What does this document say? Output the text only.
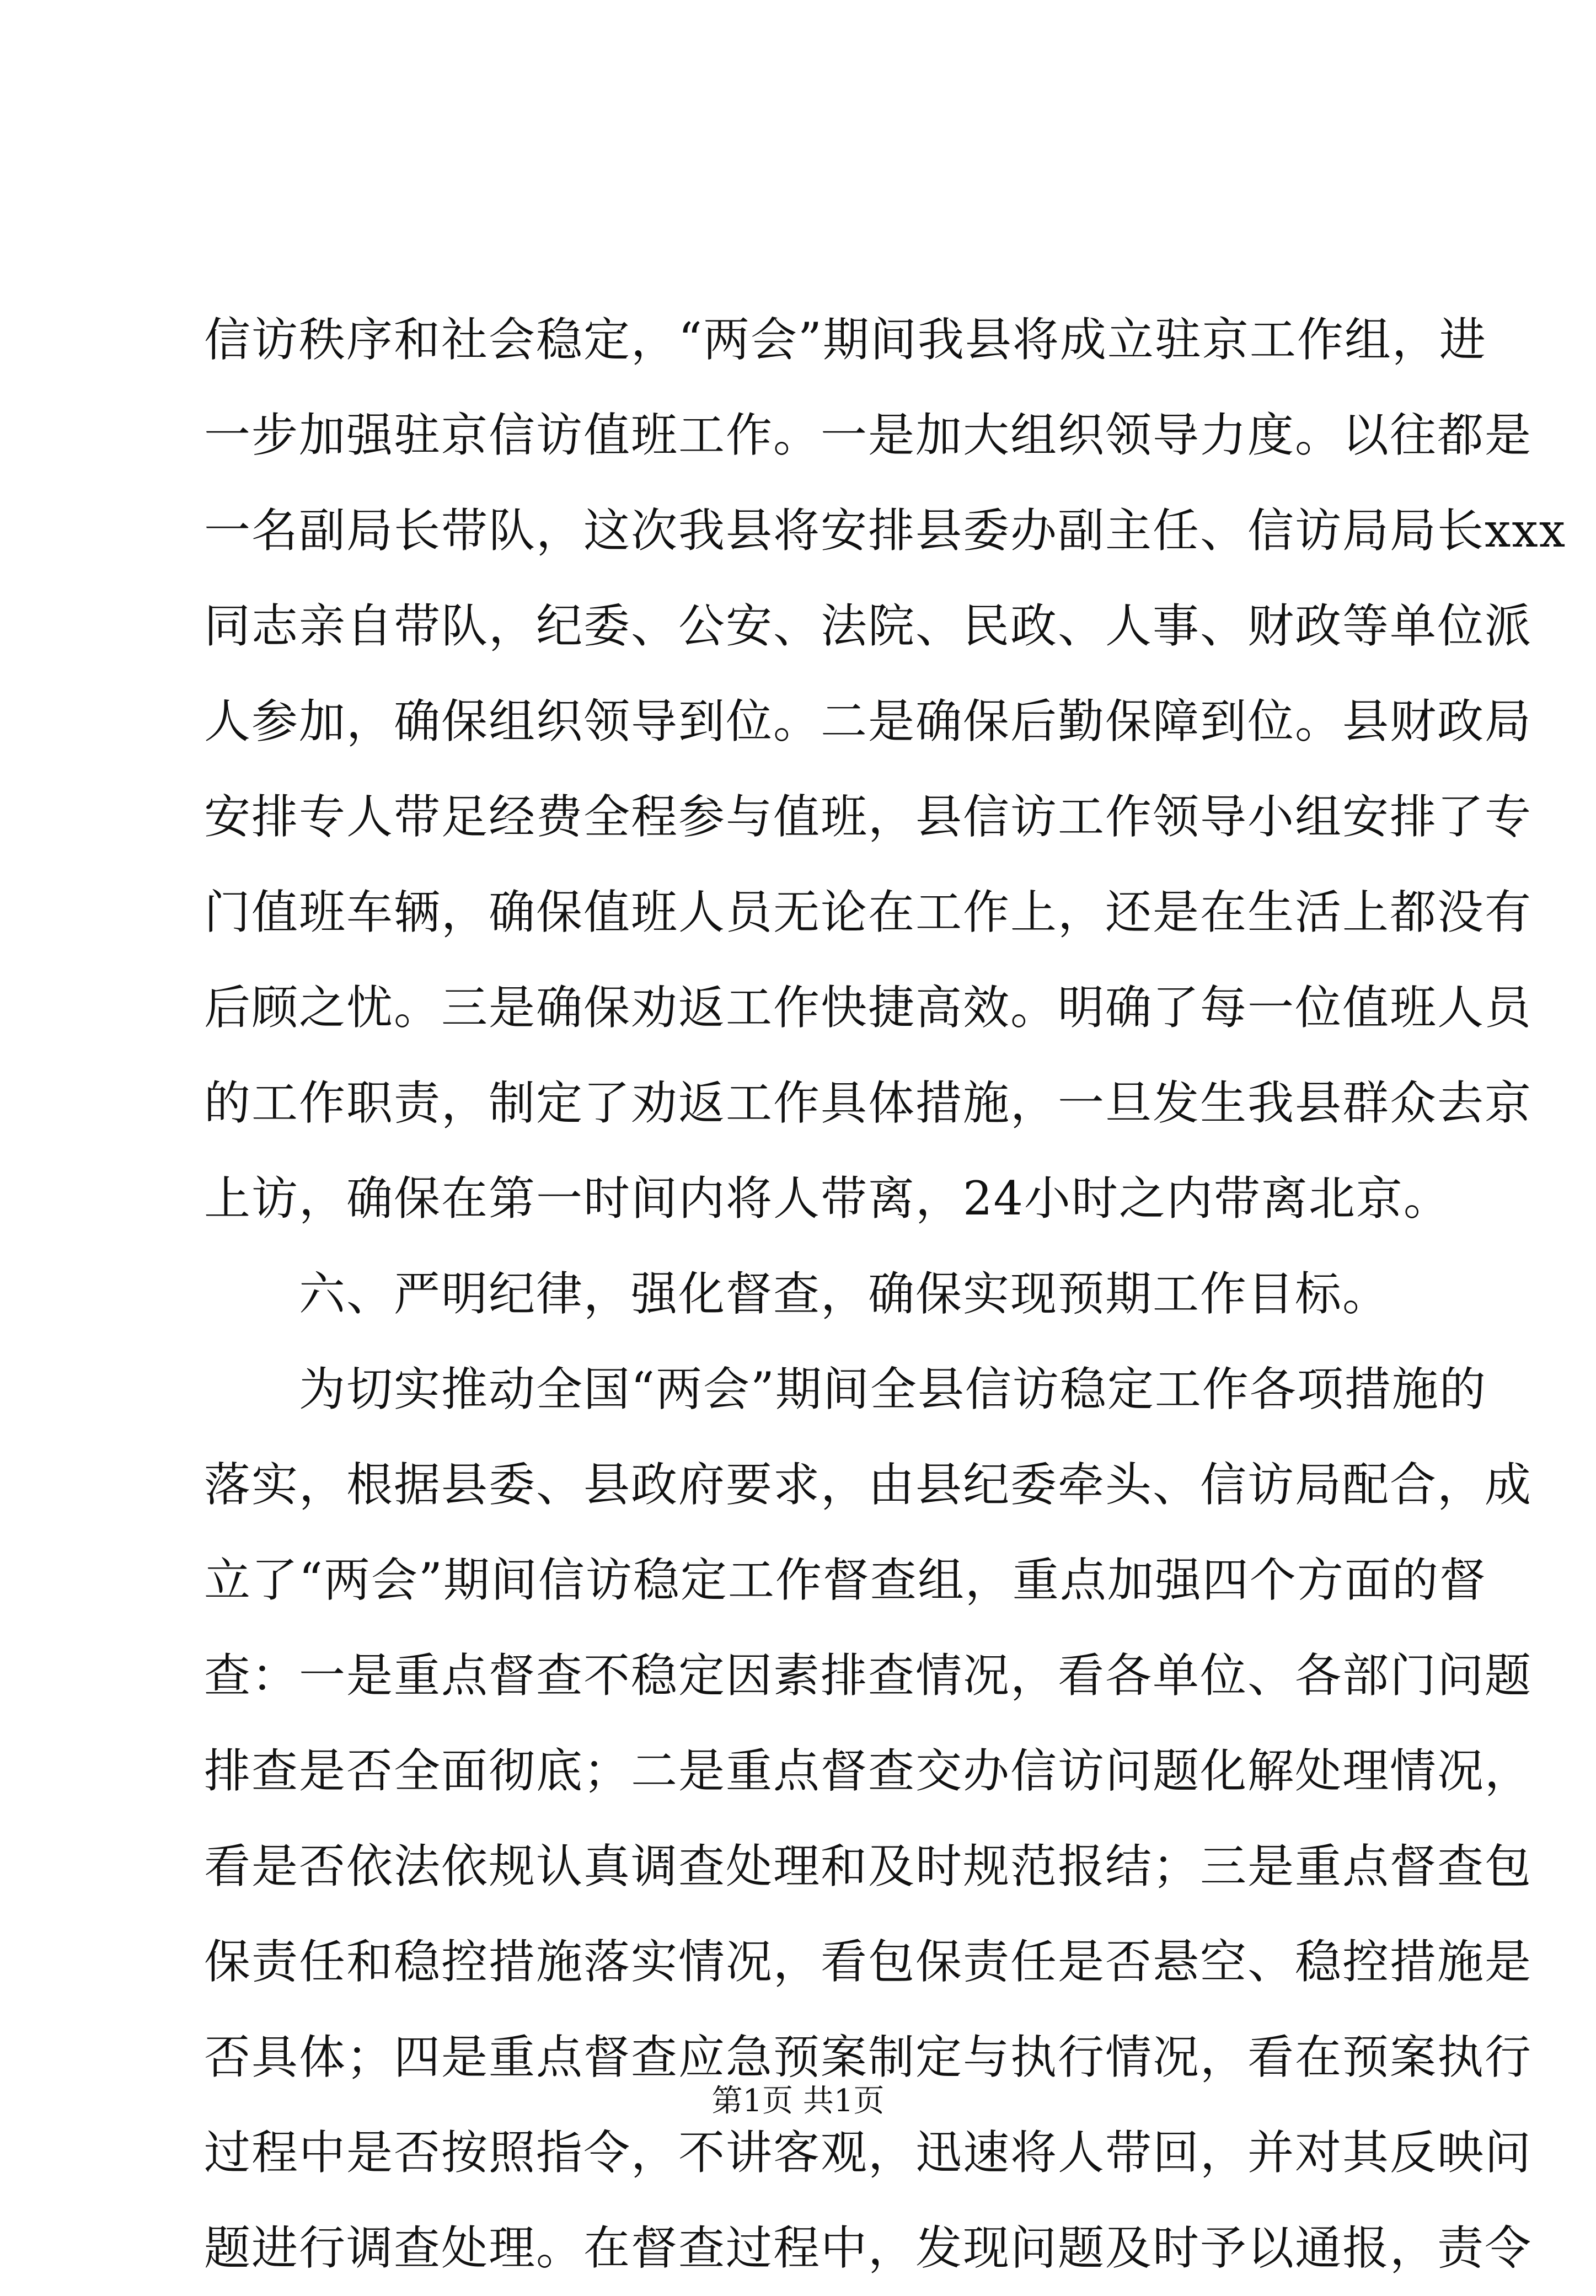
信访秩序和社会稳定，“两会”期间我县将成立驻京工作组，进
一步加强驻京信访值班工作。一是加大组织领导力度。以往都是
一名副局长带队，这次我县将安排县委办副主任、信访局局长xxx
同志亲自带队，纪委、公安、法院、民政、人事、财政等单位派
人参加，确保组织领导到位。二是确保后勤保障到位。县财政局
安排专人带足经费全程参与值班，县信访工作领导小组安排了专
门值班车辆，确保值班人员无论在工作上，还是在生活上都没有
后顾之忧。三是确保劝返工作快捷高效。明确了每一位值班人员
的工作职责，制定了劝返工作具体措施，一旦发生我县群众去京
上访，确保在第一时间内将人带离，24小时之内带离北京。
　　六、严明纪律，强化督查，确保实现预期工作目标。
　　为切实推动全国“两会”期间全县信访稳定工作各项措施的
落实，根据县委、县政府要求，由县纪委牵头、信访局配合，成
立了“两会”期间信访稳定工作督查组，重点加强四个方面的督
查：一是重点督查不稳定因素排查情况，看各单位、各部门问题
排查是否全面彻底；二是重点督查交办信访问题化解处理情况，
看是否依法依规认真调查处理和及时规范报结；三是重点督查包
保责任和稳控措施落实情况，看包保责任是否悬空、稳控措施是
否具体；四是重点督查应急预案制定与执行情况，看在预案执行
过程中是否按照指令，不讲客观，迅速将人带回，并对其反映问
题进行调查处理。在督查过程中，发现问题及时予以通报，责令
第1页 共1页
